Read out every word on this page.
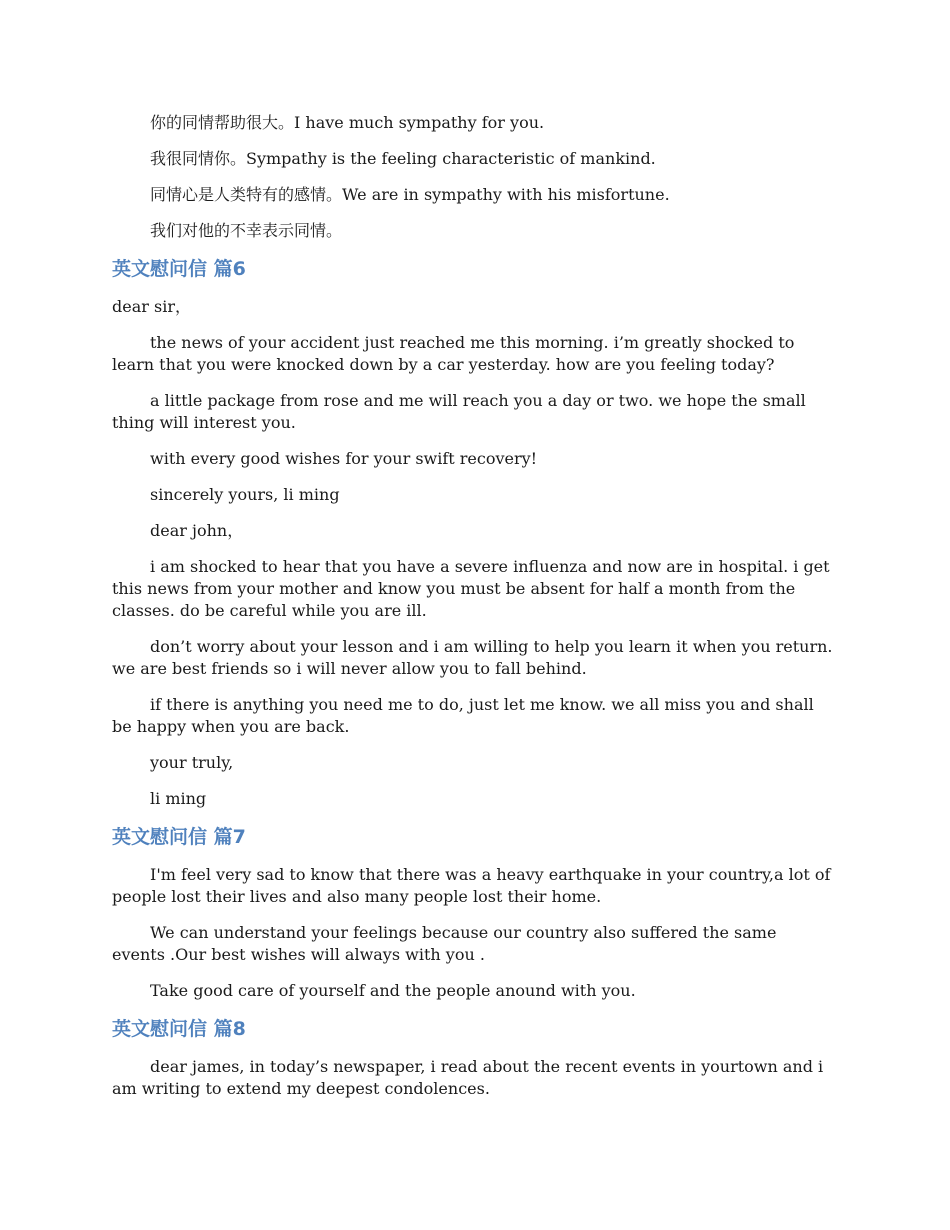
你的同情帮助很大。I have much sympathy for you.

我很同情你。Sympathy is the feeling characteristic of mankind.

同情心是人类特有的感情。We are in sympathy with his misfortune.

我们对他的不幸表示同情。

英文慰问信 篇6

dear sir，

the news of your accident just reached me this morning. i’m greatly shocked to learn that you were knocked down by a car yesterday. how are you feeling today?

a little package from rose and me will reach you a day or two. we hope the small thing will interest you.

with every good wishes for your swift recovery!

sincerely yours, li ming

dear john，

i am shocked to hear that you have a severe influenza and now are in hospital. i get this news from your mother and know you must be absent for half a month from the classes. do be careful while you are ill.

don’t worry about your lesson and i am willing to help you learn it when you return. we are best friends so i will never allow you to fall behind.

if there is anything you need me to do, just let me know. we all miss you and shall be happy when you are back.

your truly,

li ming

英文慰问信 篇7

I'm feel very sad to know that there was a heavy earthquake in your country,a lot of people lost their lives and also many people lost their home.

We can understand your feelings because our country also suffered the same events .Our best wishes will always with you .

Take good care of yourself and the people anound with you.

英文慰问信 篇8

dear james, in today’s newspaper, i read about the recent events in yourtown and i am writing to extend my deepest condolences.
